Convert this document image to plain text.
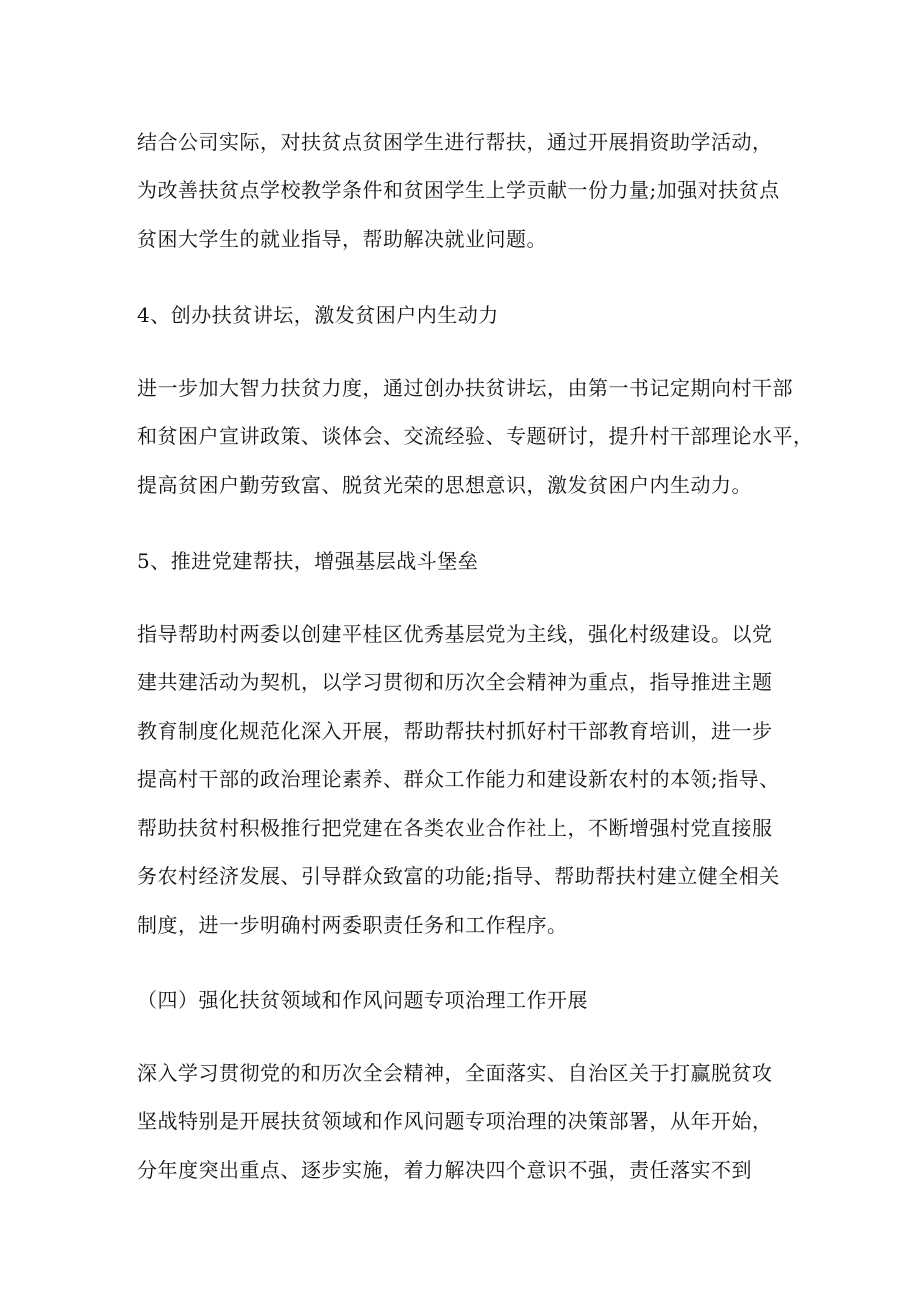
结合公司实际，对扶贫点贫困学生进行帮扶，通过开展捐资助学活动，
为改善扶贫点学校教学条件和贫困学生上学贡献一份力量;加强对扶贫点
贫困大学生的就业指导，帮助解决就业问题。
4、创办扶贫讲坛，激发贫困户内生动力
进一步加大智力扶贫力度，通过创办扶贫讲坛，由第一书记定期向村干部
和贫困户宣讲政策、谈体会、交流经验、专题研讨，提升村干部理论水平，
提高贫困户勤劳致富、脱贫光荣的思想意识，激发贫困户内生动力。
5、推进党建帮扶，增强基层战斗堡垒
指导帮助村两委以创建平桂区优秀基层党为主线，强化村级建设。以党
建共建活动为契机，以学习贯彻和历次全会精神为重点，指导推进主题
教育制度化规范化深入开展，帮助帮扶村抓好村干部教育培训，进一步
提高村干部的政治理论素养、群众工作能力和建设新农村的本领;指导、
帮助扶贫村积极推行把党建在各类农业合作社上，不断增强村党直接服
务农村经济发展、引导群众致富的功能;指导、帮助帮扶村建立健全相关
制度，进一步明确村两委职责任务和工作程序。
（四）强化扶贫领域和作风问题专项治理工作开展
深入学习贯彻党的和历次全会精神，全面落实、自治区关于打赢脱贫攻
坚战特别是开展扶贫领域和作风问题专项治理的决策部署，从年开始，
分年度突出重点、逐步实施，着力解决四个意识不强，责任落实不到
